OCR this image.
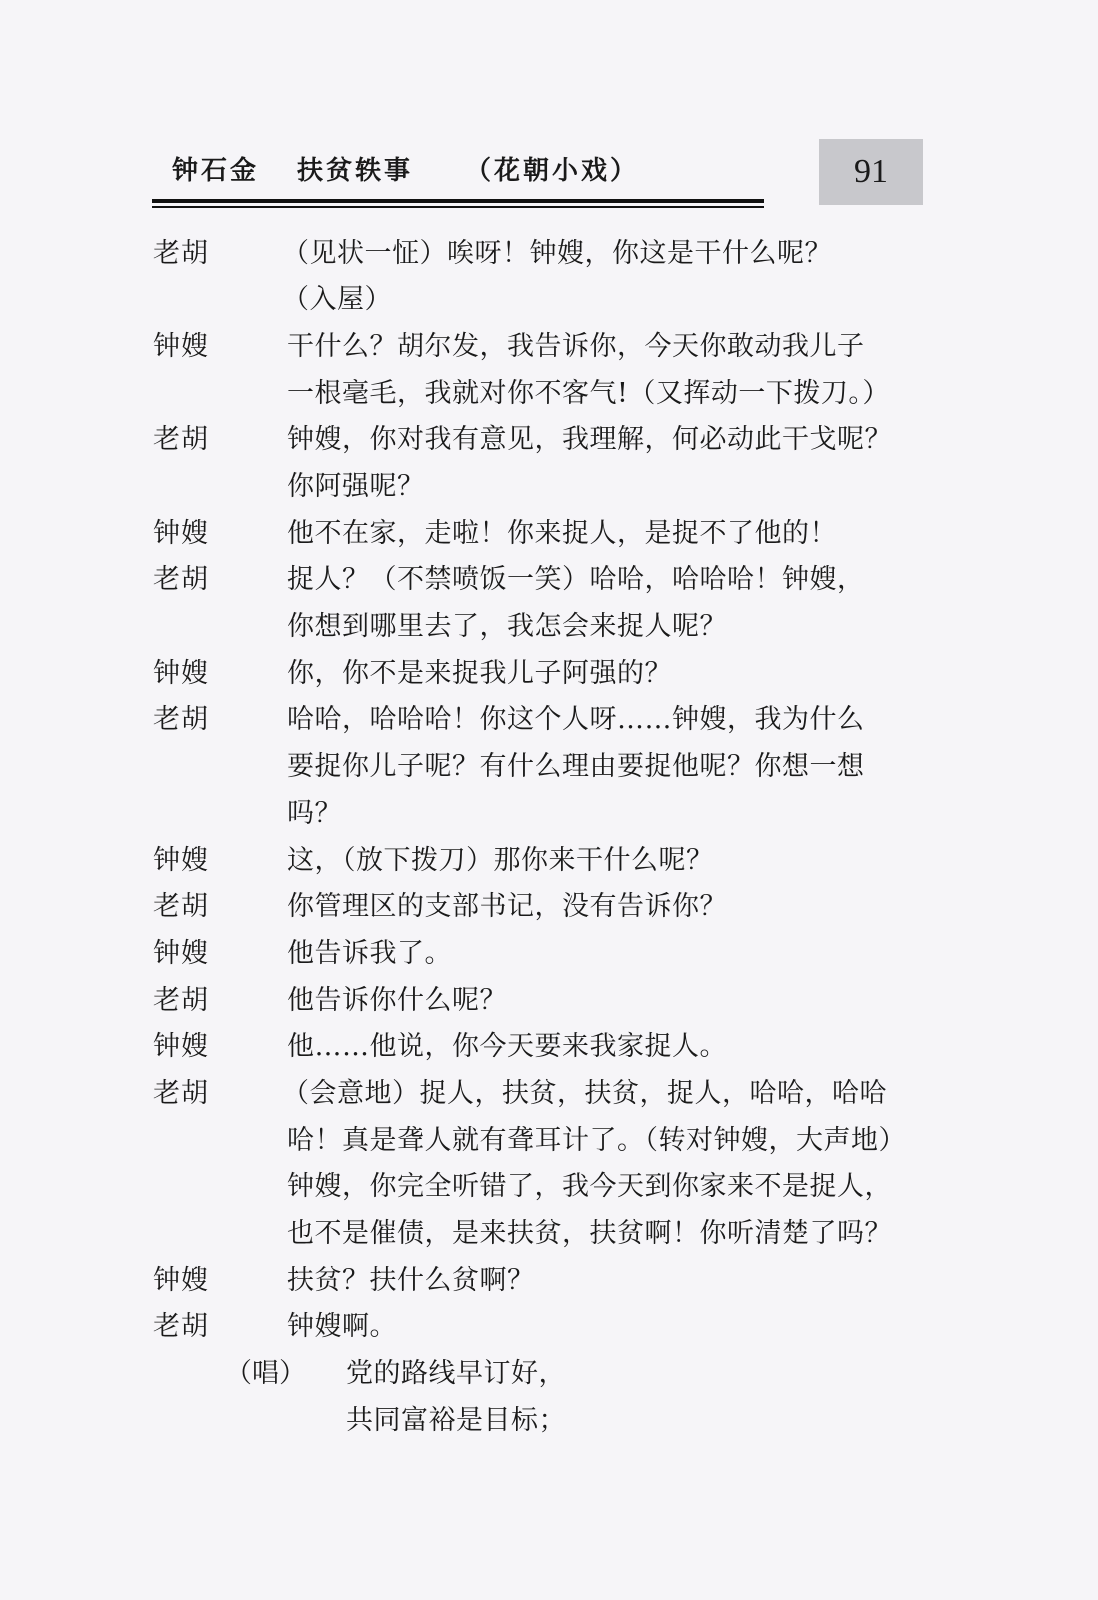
钟石金 扶贫轶事 （花朝小戏）	91
老胡	（见状一怔）唉呀！钟嫂，你这是干什么呢？
（入屋）
钟嫂	干什么？胡尔发，我告诉你，今天你敢动我儿子
一根毫毛，我就对你不客气!（又挥动一下拨刀。）
老胡	钟嫂，你对我有意见，我理解，何必动此干戈呢？
你阿强呢？
钟嫂	他不在家，走啦！你来捉人，是捉不了他的！
老胡	捉人？（不禁喷饭一笑）哈哈，哈哈哈！钟嫂，
你想到哪里去了，我怎会来捉人呢？
钟嫂	你，你不是来捉我儿子阿强的？
老胡	哈哈，哈哈哈！你这个人呀……钟嫂，我为什么
要捉你儿子呢？有什么理由要捉他呢？你想一想
吗？
钟嫂	这，（放下拨刀）那你来干什么呢？
老胡	你管理区的支部书记，没有告诉你？
钟嫂	他告诉我了。
老胡	他告诉你什么呢？
钟嫂	他……他说，你今天要来我家捉人。
老胡	（会意地）捉人，扶贫，扶贫，捉人，哈哈，哈哈
哈！真是聋人就有聋耳计了。（转对钟嫂，大声地）
钟嫂，你完全听错了，我今天到你家来不是捉人，
也不是催债，是来扶贫，扶贫啊！你听清楚了吗？
钟嫂	扶贫？扶什么贫啊？
老胡	钟嫂啊。
（唱） 党的路线早订好，
共同富裕是目标；
